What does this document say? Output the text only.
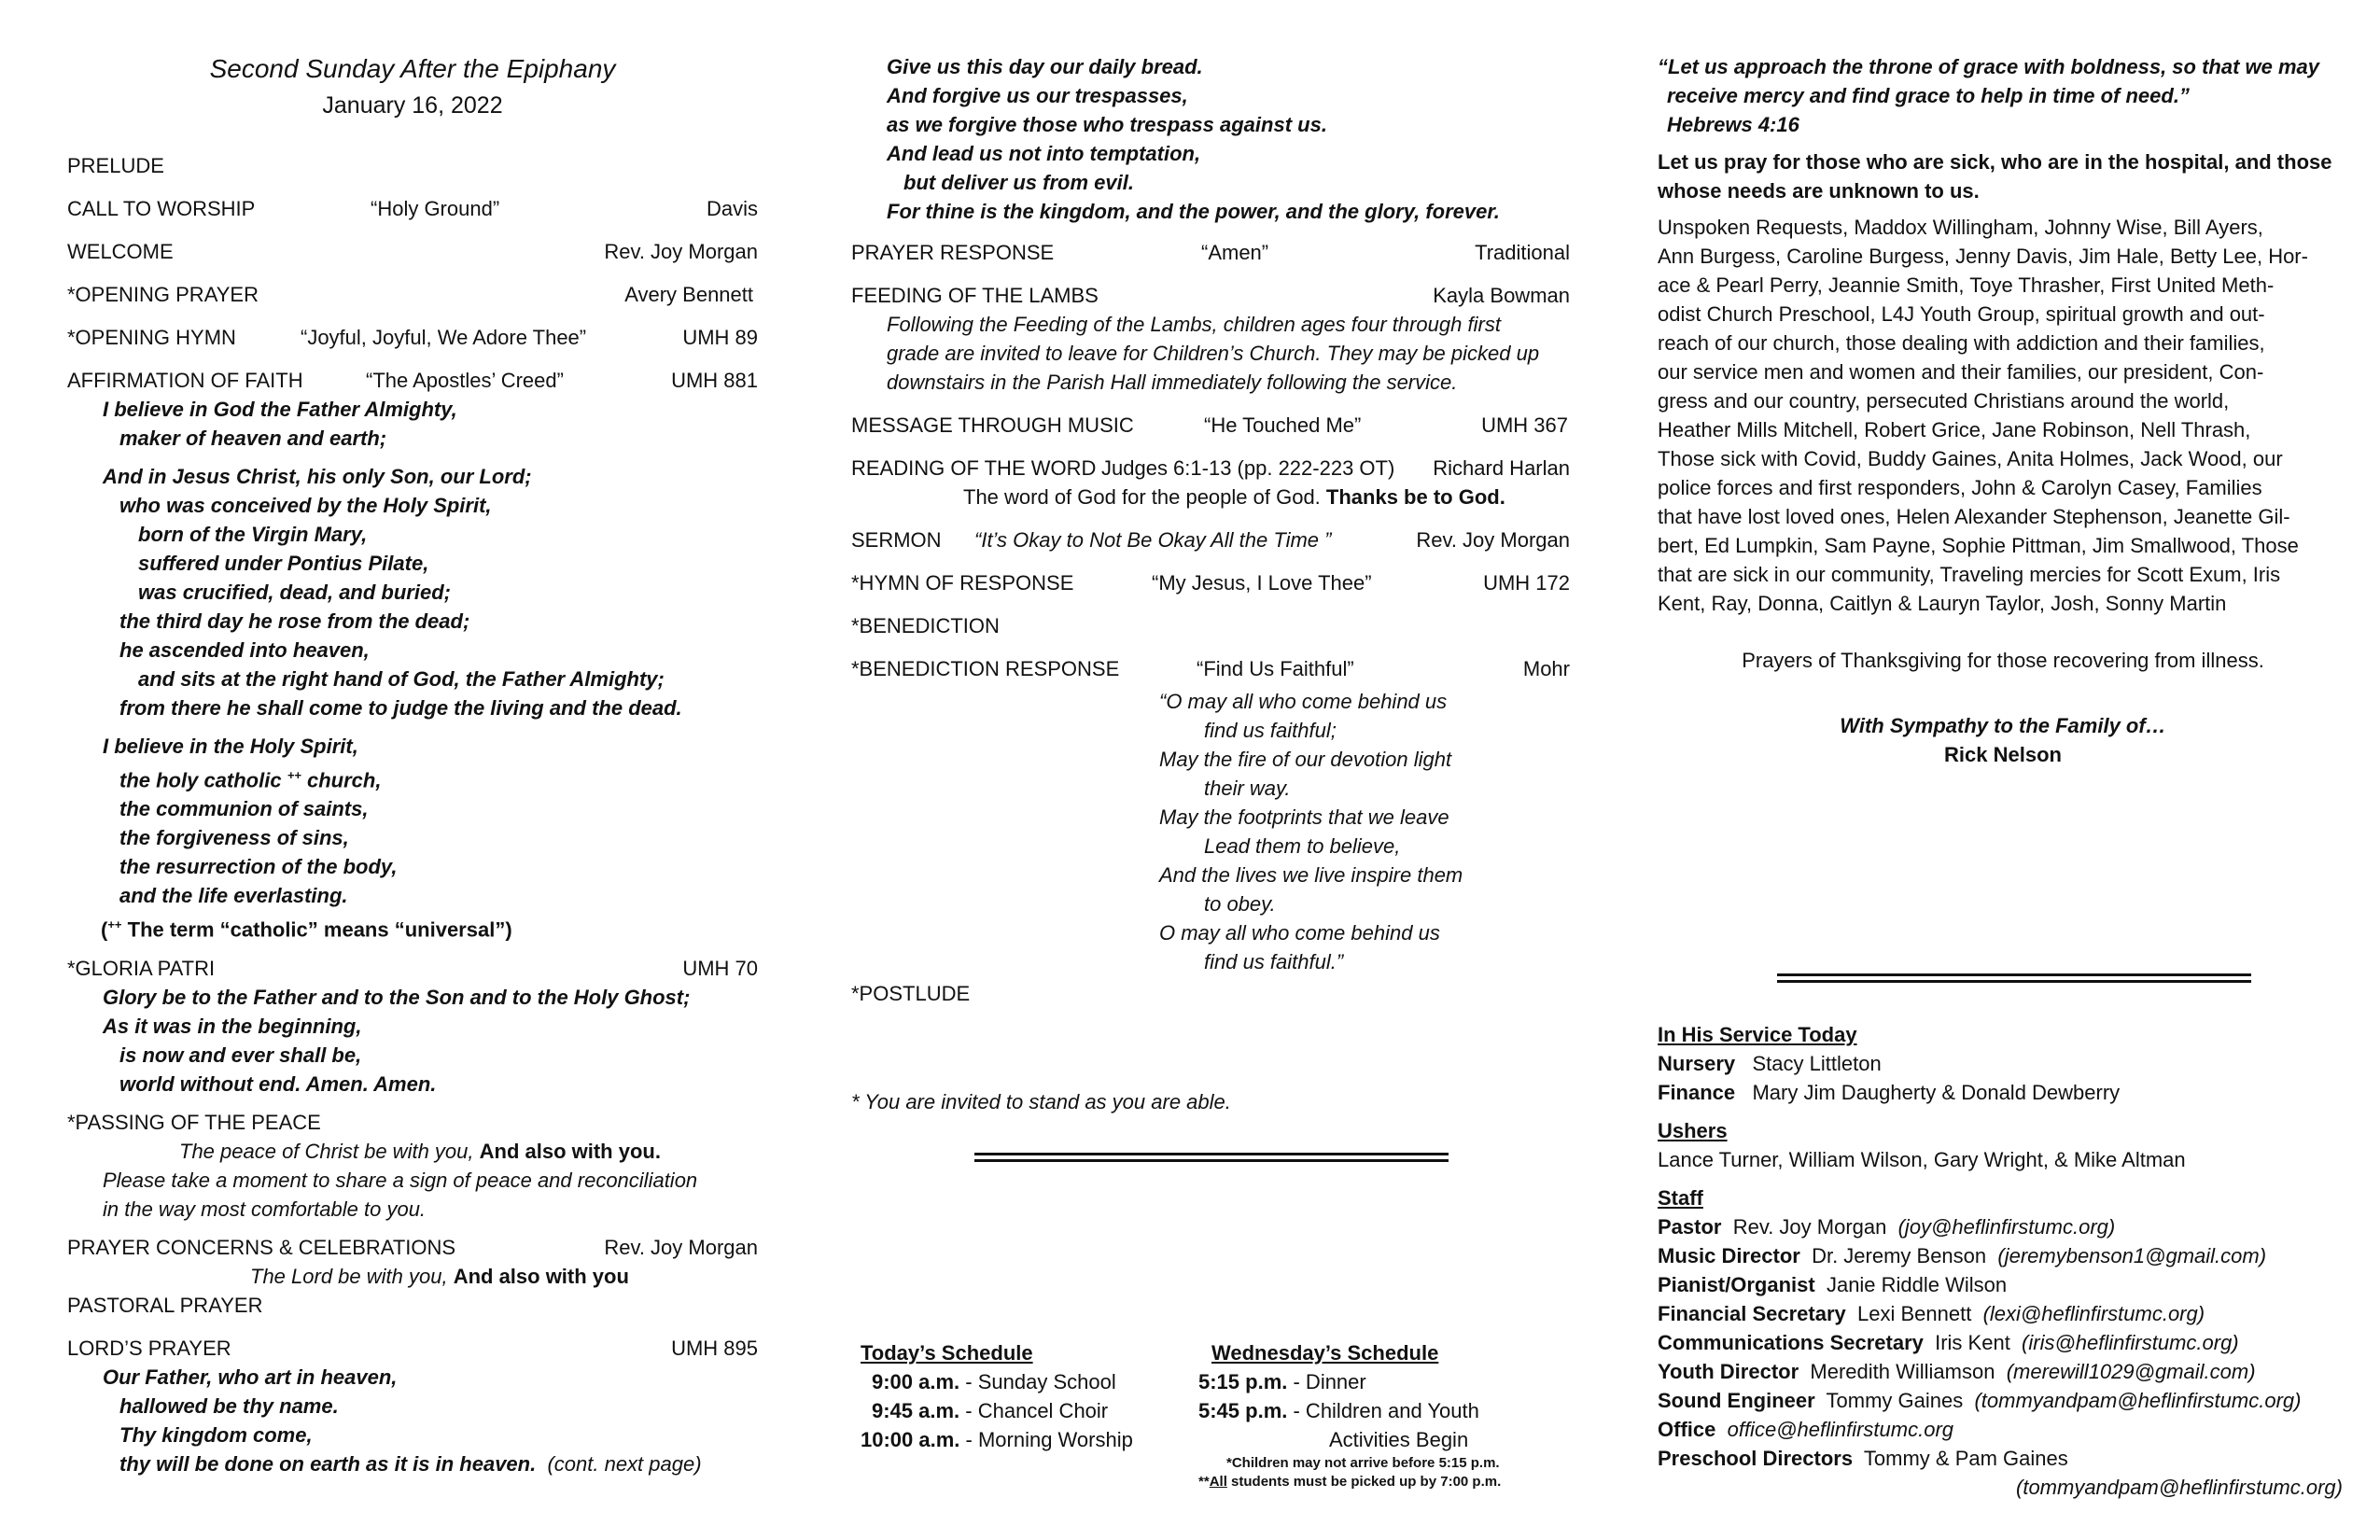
Second Sunday After the Epiphany
January 16, 2022
PRELUDE
CALL TO WORSHIP	“Holy Ground”	Davis
WELCOME	Rev. Joy Morgan
*OPENING PRAYER	Avery Bennett
*OPENING HYMN	“Joyful, Joyful, We Adore Thee”	UMH 89
AFFIRMATION OF FAITH	“The Apostles’ Creed”	UMH 881
I believe in God the Father Almighty,
maker of heaven and earth;
And in Jesus Christ, his only Son, our Lord;
who was conceived by the Holy Spirit,
born of the Virgin Mary,
suffered under Pontius Pilate,
was crucified, dead, and buried;
the third day he rose from the dead;
he ascended into heaven,
and sits at the right hand of God, the Father Almighty;
from there he shall come to judge the living and the dead.
I believe in the Holy Spirit,
the holy catholic ++ church,
the communion of saints,
the forgiveness of sins,
the resurrection of the body,
and the life everlasting.
(++ The term “catholic” means “universal”)
*GLORIA PATRI	UMH 70
Glory be to the Father and to the Son and to the Holy Ghost;
As it was in the beginning,
is now and ever shall be,
world without end. Amen. Amen.
*PASSING OF THE PEACE
The peace of Christ be with you, And also with you.
Please take a moment to share a sign of peace and reconciliation
in the way most comfortable to you.
PRAYER CONCERNS & CELEBRATIONS	Rev. Joy Morgan
The Lord be with you, And also with you
PASTORAL PRAYER
LORD’S PRAYER	UMH 895
Our Father, who art in heaven,
hallowed be thy name.
Thy kingdom come,
thy will be done on earth as it is in heaven. (cont. next page)
Give us this day our daily bread.
And forgive us our trespasses,
as we forgive those who trespass against us.
And lead us not into temptation,
but deliver us from evil.
For thine is the kingdom, and the power, and the glory, forever.
PRAYER RESPONSE	“Amen”	Traditional
FEEDING OF THE LAMBS	Kayla Bowman
Following the Feeding of the Lambs, children ages four through first
grade are invited to leave for Children’s Church. They may be picked up
downstairs in the Parish Hall immediately following the service.
MESSAGE THROUGH MUSIC	“He Touched Me”	UMH 367
READING OF THE WORD Judges 6:1-13 (pp. 222-223 OT) Richard Harlan
The word of God for the people of God. Thanks be to God.
SERMON “It’s Okay to Not Be Okay All the Time ”	Rev. Joy Morgan
*HYMN OF RESPONSE	“My Jesus, I Love Thee”	UMH 172
*BENEDICTION
*BENEDICTION RESPONSE	“Find Us Faithful”	Mohr
“O may all who come behind us
find us faithful;
May the fire of our devotion light
their way.
May the footprints that we leave
Lead them to believe,
And the lives we live inspire them
to obey.
O may all who come behind us
find us faithful.”
*POSTLUDE
* You are invited to stand as you are able.
Today’s Schedule
9:00 a.m. - Sunday School
9:45 a.m. - Chancel Choir
10:00 a.m. - Morning Worship
Wednesday’s Schedule
5:15 p.m. - Dinner
5:45 p.m. - Children and Youth
Activities Begin
*Children may not arrive before 5:15 p.m.
**All students must be picked up by 7:00 p.m.
“Let us approach the throne of grace with boldness, so that we may
receive mercy and find grace to help in time of need.”
Hebrews 4:16
Let us pray for those who are sick, who are in the hospital, and those
whose needs are unknown to us.
Unspoken Requests, Maddox Willingham, Johnny Wise, Bill Ayers,
Ann Burgess, Caroline Burgess, Jenny Davis, Jim Hale, Betty Lee, Hor-
ace & Pearl Perry, Jeannie Smith, Toye Thrasher, First United Meth-
odist Church Preschool, L4J Youth Group, spiritual growth and out-
reach of our church, those dealing with addiction and their families,
our service men and women and their families, our president, Con-
gress and our country, persecuted Christians around the world,
Heather Mills Mitchell, Robert Grice, Jane Robinson, Nell Thrash,
Those sick with Covid, Buddy Gaines, Anita Holmes, Jack Wood, our
police forces and first responders, John & Carolyn Casey, Families
that have lost loved ones, Helen Alexander Stephenson, Jeanette Gil-
bert, Ed Lumpkin, Sam Payne, Sophie Pittman, Jim Smallwood, Those
that are sick in our community, Traveling mercies for Scott Exum, Iris
Kent, Ray, Donna, Caitlyn & Lauryn Taylor, Josh, Sonny Martin
Prayers of Thanksgiving for those recovering from illness.
With Sympathy to the Family of…
Rick Nelson
In His Service Today
Nursery Stacy Littleton
Finance Mary Jim Daugherty & Donald Dewberry
Ushers
Lance Turner, William Wilson, Gary Wright, & Mike Altman
Staff
Pastor Rev. Joy Morgan (joy@heflinfirstumc.org)
Music Director Dr. Jeremy Benson (jeremybenson1@gmail.com)
Pianist/Organist Janie Riddle Wilson
Financial Secretary Lexi Bennett (lexi@heflinfirstumc.org)
Communications Secretary Iris Kent (iris@heflinfirstumc.org)
Youth Director Meredith Williamson (merewill1029@gmail.com)
Sound Engineer Tommy Gaines (tommyandpam@heflinfirstumc.org)
Office office@heflinfirstumc.org
Preschool Directors Tommy & Pam Gaines
(tommyandpam@heflinfirstumc.org)
